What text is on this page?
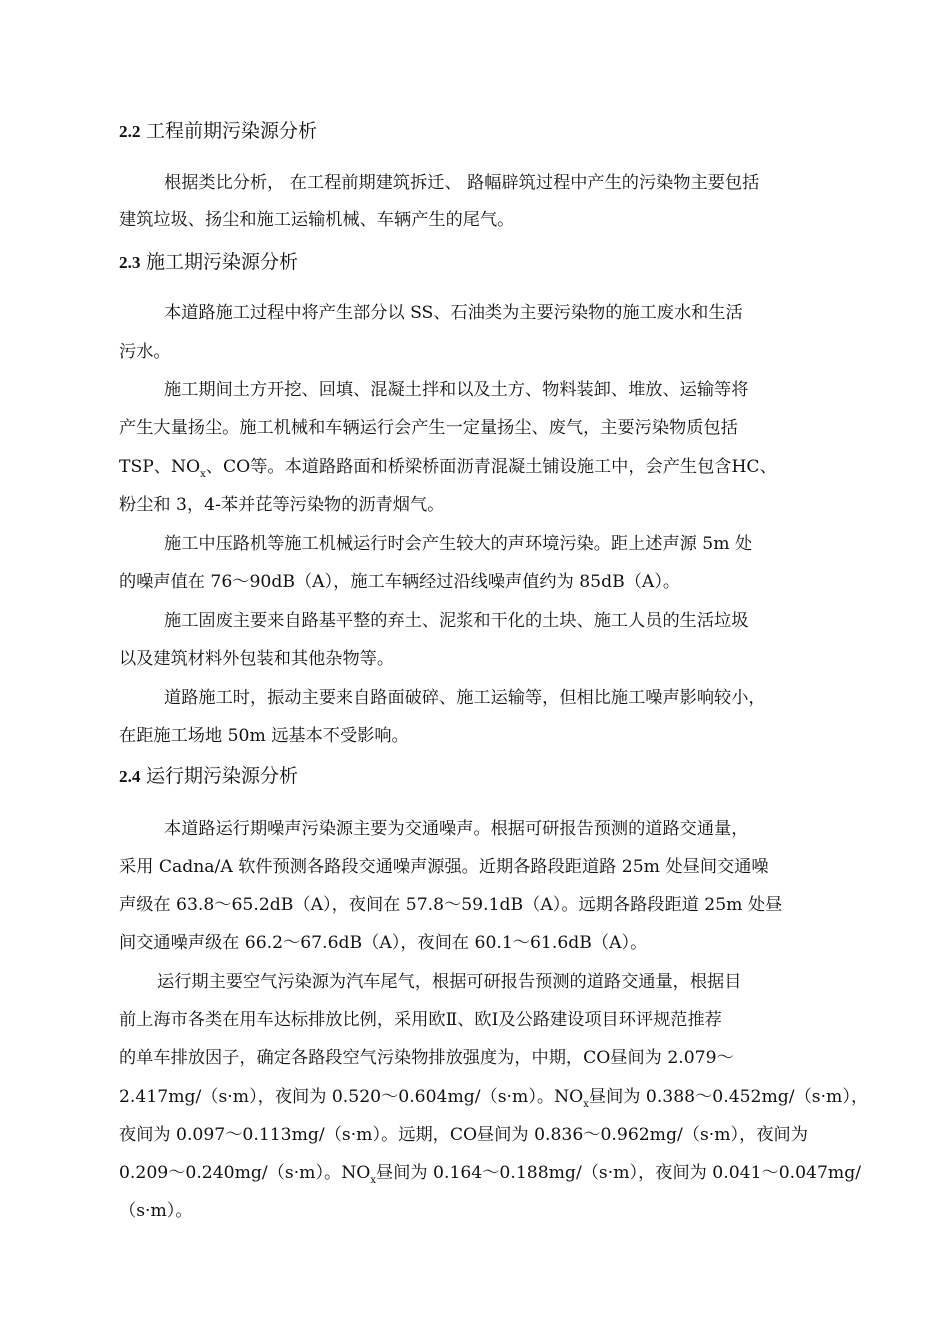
2.2 工程前期污染源分析
根据类比分析， 在工程前期建筑拆迁、 路幅辟筑过程中产生的污染物主要包括
建筑垃圾、扬尘和施工运输机械、车辆产生的尾气。
2.3 施工期污染源分析
本道路施工过程中将产生部分以 SS、石油类为主要污染物的施工废水和生活
污水。
施工期间土方开挖、回填、混凝土拌和以及土方、物料装卸、堆放、运输等将
产生大量扬尘。施工机械和车辆运行会产生一定量扬尘、废气，主要污染物质包括
TSP、$NO_x$、CO等。本道路路面和桥梁桥面沥青混凝土铺设施工中，会产生包含HC、
粉尘和 3，4-苯并芘等污染物的沥青烟气。
施工中压路机等施工机械运行时会产生较大的声环境污染。距上述声源 5m 处
的噪声值在 76～90dB（A），施工车辆经过沿线噪声值约为 85dB（A）。
施工固废主要来自路基平整的弃土、泥浆和干化的土块、施工人员的生活垃圾
以及建筑材料外包装和其他杂物等。
道路施工时，振动主要来自路面破碎、施工运输等，但相比施工噪声影响较小，
在距施工场地 50m 远基本不受影响。
2.4 运行期污染源分析
本道路运行期噪声污染源主要为交通噪声。根据可研报告预测的道路交通量，
采用 Cadna/A 软件预测各路段交通噪声源强。近期各路段距道路 25m 处昼间交通噪
声级在 63.8～65.2dB（A），夜间在 57.8～59.1dB（A）。远期各路段距道 25m 处昼
间交通噪声级在 66.2～67.6dB（A），夜间在 60.1～61.6dB（A）。
运行期主要空气污染源为汽车尾气，根据可研报告预测的道路交通量，根据目
前上海市各类在用车达标排放比例，采用欧Ⅱ、欧Ⅰ及公路建设项目环评规范推荐
的单车排放因子，确定各路段空气污染物排放强度为，中期，CO昼间为 2.079～
2.417mg/（s·m），夜间为 0.520～0.604mg/（s·m）。$NO_x$昼间为 0.388～0.452mg/（s·m），
夜间为 0.097～0.113mg/（s·m）。远期，CO昼间为 0.836～0.962mg/（s·m），夜间为
0.209～0.240mg/（s·m）。$NO_x$昼间为 0.164～0.188mg/（s·m），夜间为 0.041～0.047mg/
（s·m）。
